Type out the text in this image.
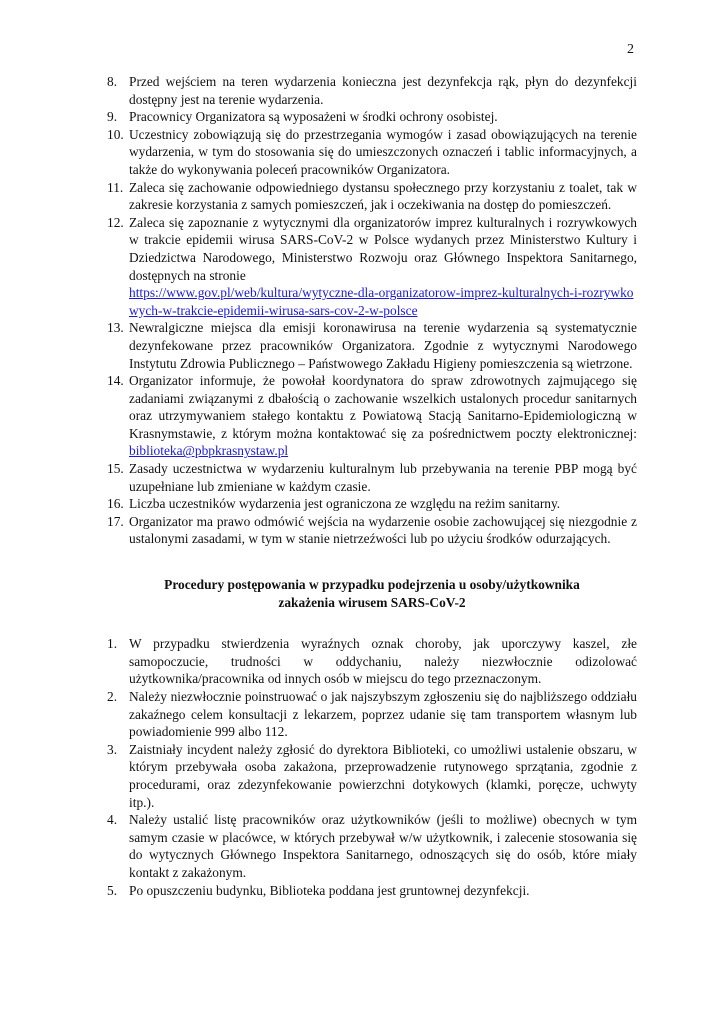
2
8. Przed wejściem na teren wydarzenia konieczna jest dezynfekcja rąk, płyn do dezynfekcji dostępny jest na terenie wydarzenia.
9. Pracownicy Organizatora są wyposażeni w środki ochrony osobistej.
10. Uczestnicy zobowiązują się do przestrzegania wymogów i zasad obowiązujących na terenie wydarzenia, w tym do stosowania się do umieszczonych oznaczeń i tablic informacyjnych, a także do wykonywania poleceń pracowników Organizatora.
11. Zaleca się zachowanie odpowiedniego dystansu społecznego przy korzystaniu z toalet, tak w zakresie korzystania z samych pomieszczeń, jak i oczekiwania na dostęp do pomieszczeń.
12. Zaleca się zapoznanie z wytycznymi dla organizatorów imprez kulturalnych i rozrywkowych w trakcie epidemii wirusa SARS-CoV-2 w Polsce wydanych przez Ministerstwo Kultury i Dziedzictwa Narodowego, Ministerstwo Rozwoju oraz Głównego Inspektora Sanitarnego, dostępnych na stronie
https://www.gov.pl/web/kultura/wytyczne-dla-organizatorow-imprez-kulturalnych-i-rozrywkowych-w-trakcie-epidemii-wirusa-sars-cov-2-w-polsce
13. Newralgiczne miejsca dla emisji koronawirusa na terenie wydarzenia są systematycznie dezynfekowane przez pracowników Organizatora. Zgodnie z wytycznymi Narodowego Instytutu Zdrowia Publicznego – Państwowego Zakładu Higieny pomieszczenia są wietrzone.
14. Organizator informuje, że powołał koordynatora do spraw zdrowotnych zajmującego się zadaniami związanymi z dbałością o zachowanie wszelkich ustalonych procedur sanitarnych oraz utrzymywaniem stałego kontaktu z Powiatową Stacją Sanitarno-Epidemiologiczną w Krasnymstawie, z którym można kontaktować się za pośrednictwem poczty elektronicznej: biblioteka@pbpkrasnystaw.pl
15. Zasady uczestnictwa w wydarzeniu kulturalnym lub przebywania na terenie PBP mogą być uzupełniane lub zmieniane w każdym czasie.
16. Liczba uczestników wydarzenia jest ograniczona ze względu na reżim sanitarny.
17. Organizator ma prawo odmówić wejścia na wydarzenie osobie zachowującej się niezgodnie z ustalonymi zasadami, w tym w stanie nietrzeźwości lub po użyciu środków odurzających.
Procedury postępowania w przypadku podejrzenia u osoby/użytkownika
zakażenia wirusem SARS-CoV-2
1. W przypadku stwierdzenia wyraźnych oznak choroby, jak uporczywy kaszel, złe samopoczucie, trudności w oddychaniu, należy niezwłocznie odizolować użytkownika/pracownika od innych osób w miejscu do tego przeznaczonym.
2. Należy niezwłocznie poinstruować o jak najszybszym zgłoszeniu się do najbliższego oddziału zakaźnego celem konsultacji z lekarzem, poprzez udanie się tam transportem własnym lub powiadomienie 999 albo 112.
3. Zaistniały incydent należy zgłosić do dyrektora Biblioteki, co umożliwi ustalenie obszaru, w którym przebywała osoba zakażona, przeprowadzenie rutynowego sprzątania, zgodnie z procedurami, oraz zdezynfekowanie powierzchni dotykowych (klamki, poręcze, uchwyty itp.).
4. Należy ustalić listę pracowników oraz użytkowników (jeśli to możliwe) obecnych w tym samym czasie w placówce, w których przebywał w/w użytkownik, i zalecenie stosowania się do wytycznych Głównego Inspektora Sanitarnego, odnoszących się do osób, które miały kontakt z zakażonym.
5. Po opuszczeniu budynku, Biblioteka poddana jest gruntownej dezynfekcji.
